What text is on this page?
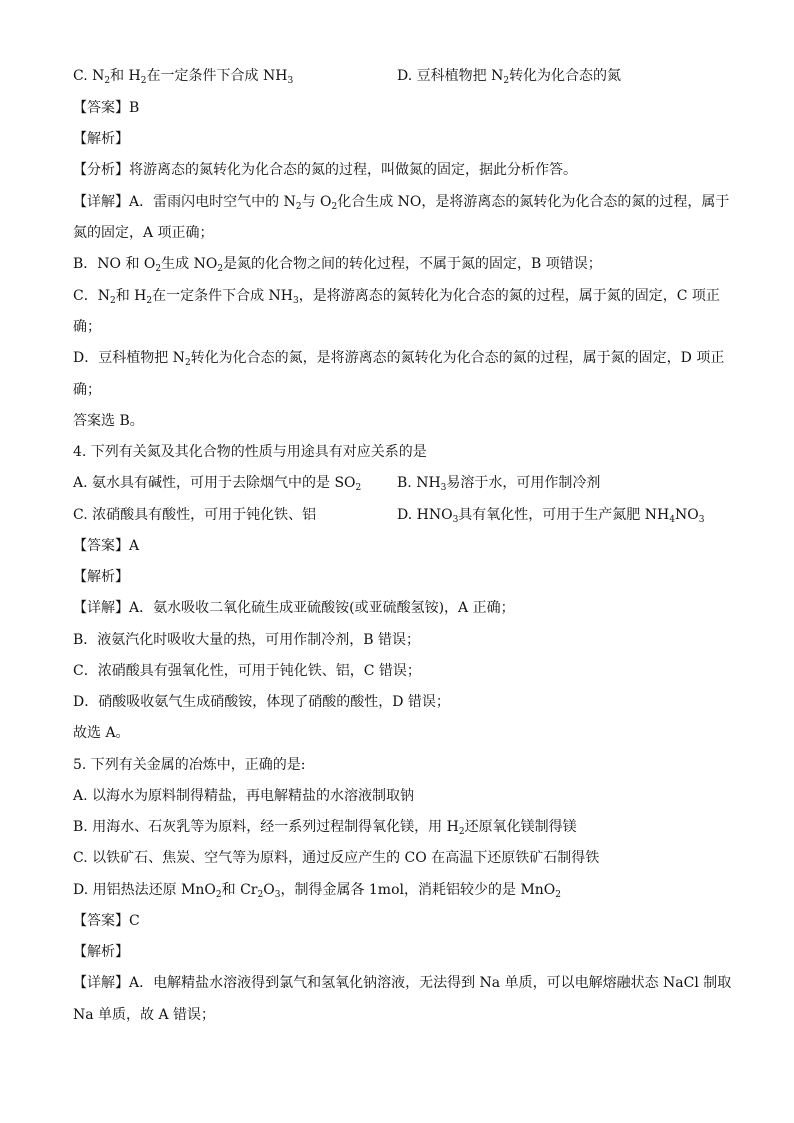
C. $N_2$和 $H_2$在一定条件下合成 $NH_3$	D. 豆科植物把 $N_2$转化为化合态的氮
【答案】B
【解析】
【分析】将游离态的氮转化为化合态的氮的过程，叫做氮的固定，据此分析作答。
【详解】A．雷雨闪电时空气中的 $N_2$与 $O_2$化合生成 NO，是将游离态的氮转化为化合态的氮的过程，属于
氮的固定，A 项正确；
B．NO 和 $O_2$生成 $NO_2$是氮的化合物之间的转化过程，不属于氮的固定，B 项错误；
C．$N_2$和 $H_2$在一定条件下合成 $NH_3$，是将游离态的氮转化为化合态的氮的过程，属于氮的固定，C 项正
确；
D．豆科植物把 $N_2$转化为化合态的氮，是将游离态的氮转化为化合态的氮的过程，属于氮的固定，D 项正
确；
答案选 B。
4. 下列有关氮及其化合物的性质与用途具有对应关系的是
A. 氨水具有碱性，可用于去除烟气中的是 $SO_2$	B. $NH_3$易溶于水，可用作制冷剂
C. 浓硝酸具有酸性，可用于钝化铁、铝	D. $HNO_3$具有氧化性，可用于生产氮肥 $NH_4NO_3$
【答案】A
【解析】
【详解】A．氨水吸收二氧化硫生成亚硫酸铵(或亚硫酸氢铵)，A 正确；
B．液氨汽化时吸收大量的热，可用作制冷剂，B 错误；
C．浓硝酸具有强氧化性，可用于钝化铁、铝，C 错误；
D．硝酸吸收氨气生成硝酸铵，体现了硝酸的酸性，D 错误；
故选 A。
5. 下列有关金属的冶炼中，正确的是:
A. 以海水为原料制得精盐，再电解精盐的水溶液制取钠
B. 用海水、石灰乳等为原料，经一系列过程制得氧化镁，用 $H_2$还原氧化镁制得镁
C. 以铁矿石、焦炭、空气等为原料，通过反应产生的 CO 在高温下还原铁矿石制得铁
D. 用铝热法还原 MnO$_2$和 $Cr_2O_3$，制得金属各 1mol，消耗铝较少的是 MnO$_2$
【答案】C
【解析】
【详解】A．电解精盐水溶液得到氯气和氢氧化钠溶液，无法得到 Na 单质，可以电解熔融状态 NaCl 制取
Na 单质，故 A 错误；
